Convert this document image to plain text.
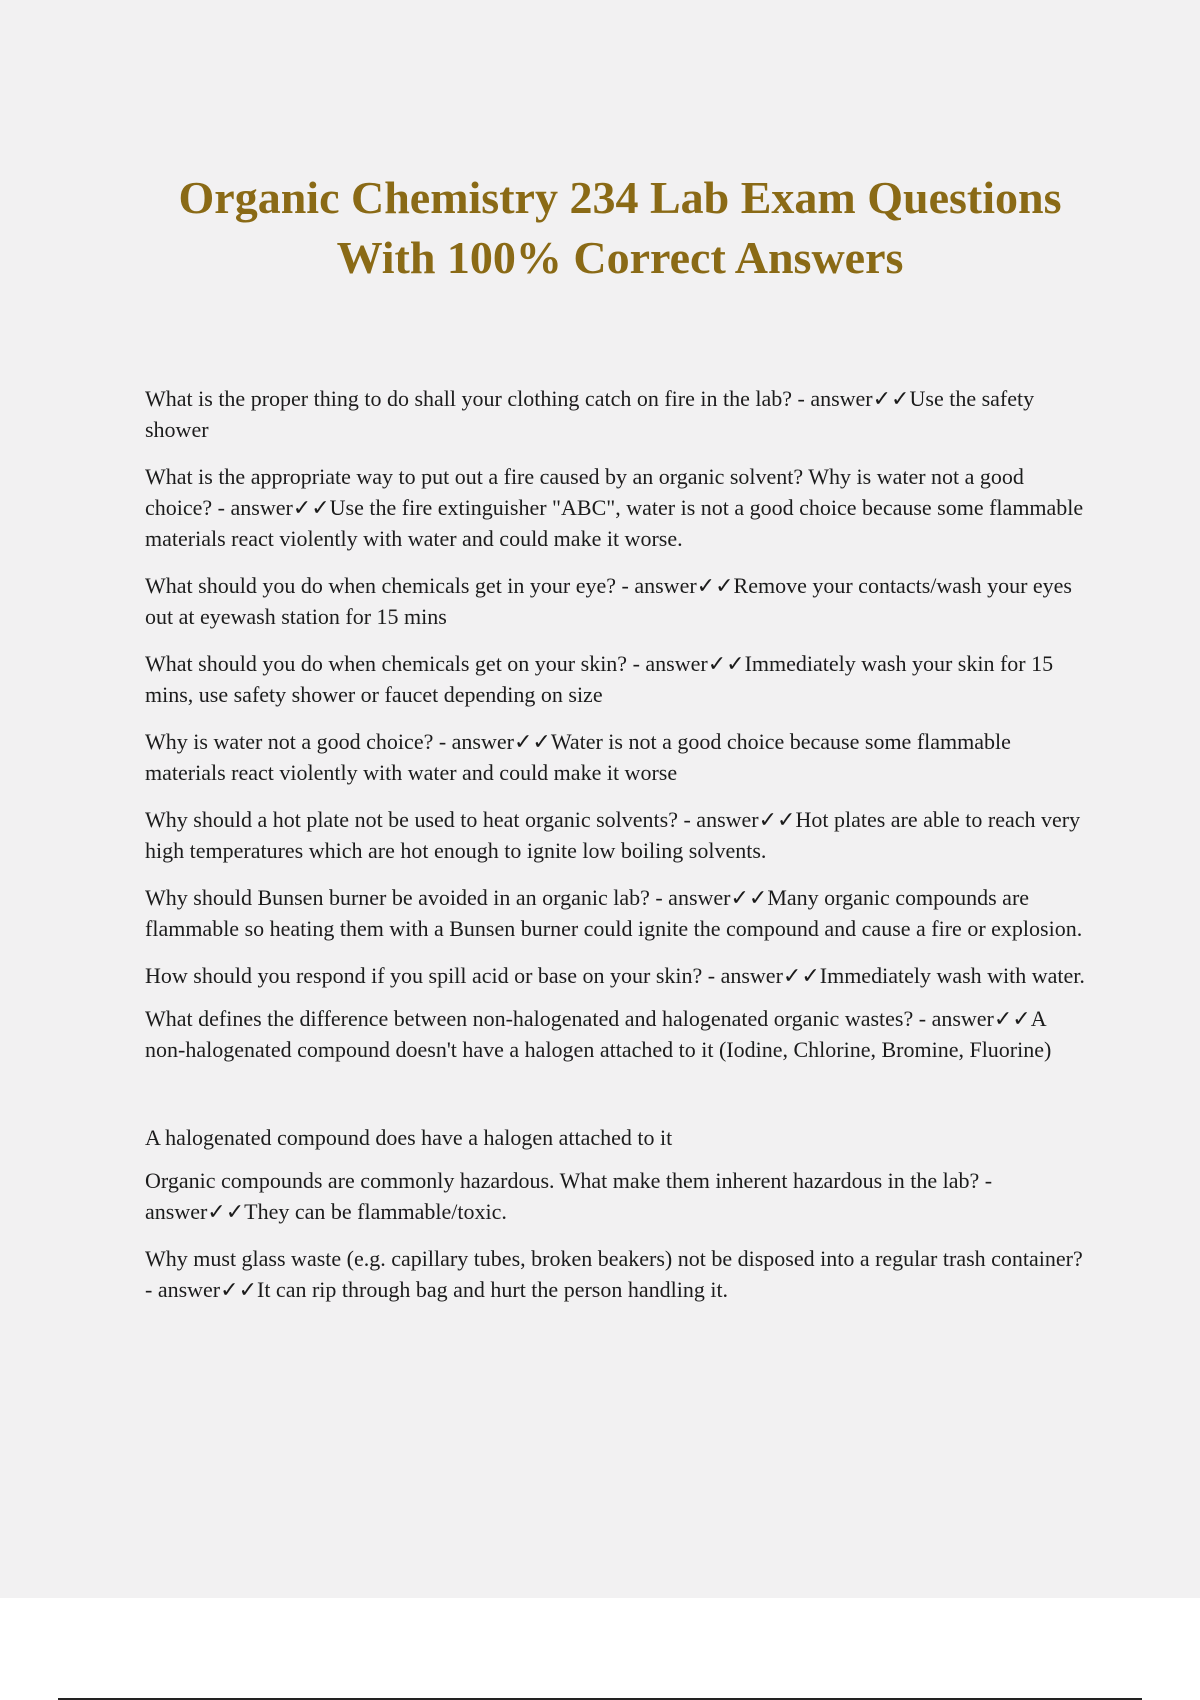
Organic Chemistry 234 Lab Exam Questions
With 100% Correct Answers

What is the proper thing to do shall your clothing catch on fire in the lab? - answer✓✓Use the safety shower

What is the appropriate way to put out a fire caused by an organic solvent? Why is water not a good choice? - answer✓✓Use the fire extinguisher "ABC", water is not a good choice because some flammable materials react violently with water and could make it worse.

What should you do when chemicals get in your eye? - answer✓✓Remove your contacts/wash your eyes out at eyewash station for 15 mins

What should you do when chemicals get on your skin? - answer✓✓Immediately wash your skin for 15 mins, use safety shower or faucet depending on size

Why is water not a good choice? - answer✓✓Water is not a good choice because some flammable materials react violently with water and could make it worse

Why should a hot plate not be used to heat organic solvents? - answer✓✓Hot plates are able to reach very high temperatures which are hot enough to ignite low boiling solvents.

Why should Bunsen burner be avoided in an organic lab? - answer✓✓Many organic compounds are flammable so heating them with a Bunsen burner could ignite the compound and cause a fire or explosion.

How should you respond if you spill acid or base on your skin? - answer✓✓Immediately wash with water.

What defines the difference between non-halogenated and halogenated organic wastes? - answer✓✓A non-halogenated compound doesn't have a halogen attached to it (Iodine, Chlorine, Bromine, Fluorine)

A halogenated compound does have a halogen attached to it

Organic compounds are commonly hazardous. What make them inherent hazardous in the lab? - answer✓✓They can be flammable/toxic.

Why must glass waste (e.g. capillary tubes, broken beakers) not be disposed into a regular trash container? - answer✓✓It can rip through bag and hurt the person handling it.
